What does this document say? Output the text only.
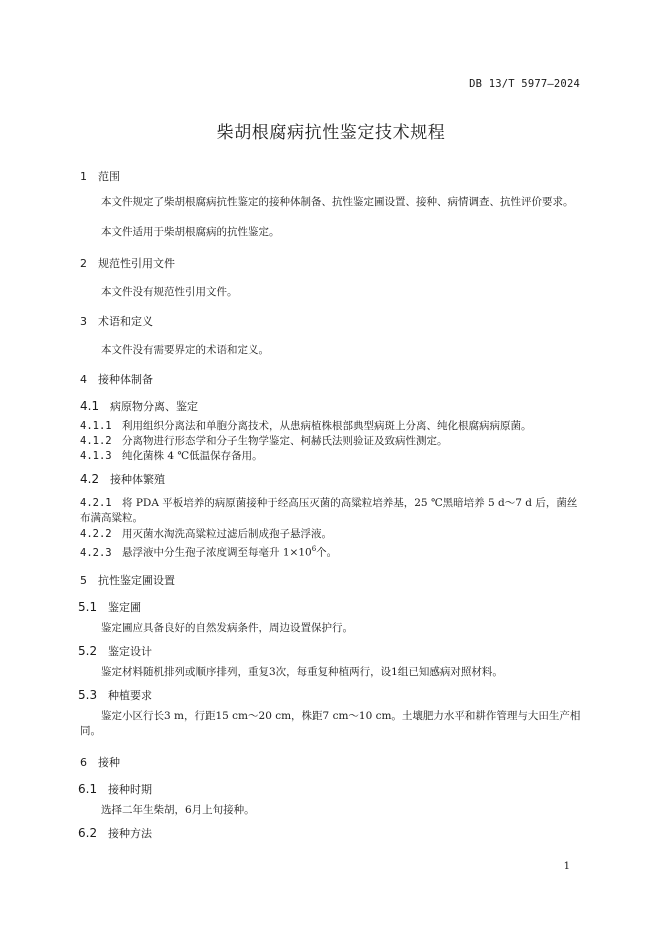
DB 13/T 5977—2024
柴胡根腐病抗性鉴定技术规程
1 范围
本文件规定了柴胡根腐病抗性鉴定的接种体制备、抗性鉴定圃设置、接种、病情调查、抗性评价要求。
本文件适用于柴胡根腐病的抗性鉴定。
2 规范性引用文件
本文件没有规范性引用文件。
3 术语和定义
本文件没有需要界定的术语和定义。
4 接种体制备
4.1 病原物分离、鉴定
4.1.1 利用组织分离法和单胞分离技术，从患病植株根部典型病斑上分离、纯化根腐病病原菌。
4.1.2 分离物进行形态学和分子生物学鉴定、柯赫氏法则验证及致病性测定。
4.1.3 纯化菌株 4 ℃低温保存备用。
4.2 接种体繁殖
4.2.1 将 PDA 平板培养的病原菌接种于经高压灭菌的高粱粒培养基，25 ℃黑暗培养 5 d～7 d 后，菌丝布满高粱粒。
4.2.2 用灭菌水淘洗高粱粒过滤后制成孢子悬浮液。
4.2.3 悬浮液中分生孢子浓度调至每毫升 $1\times 10^6$个。
5 抗性鉴定圃设置
5.1 鉴定圃
鉴定圃应具备良好的自然发病条件，周边设置保护行。
5.2 鉴定设计
鉴定材料随机排列或顺序排列，重复3次，每重复种植两行，设1组已知感病对照材料。
5.3 种植要求
鉴定小区行长3 m，行距15 cm～20 cm，株距7 cm～10 cm。土壤肥力水平和耕作管理与大田生产相同。
6 接种
6.1 接种时期
选择二年生柴胡，6月上旬接种。
6.2 接种方法
1
